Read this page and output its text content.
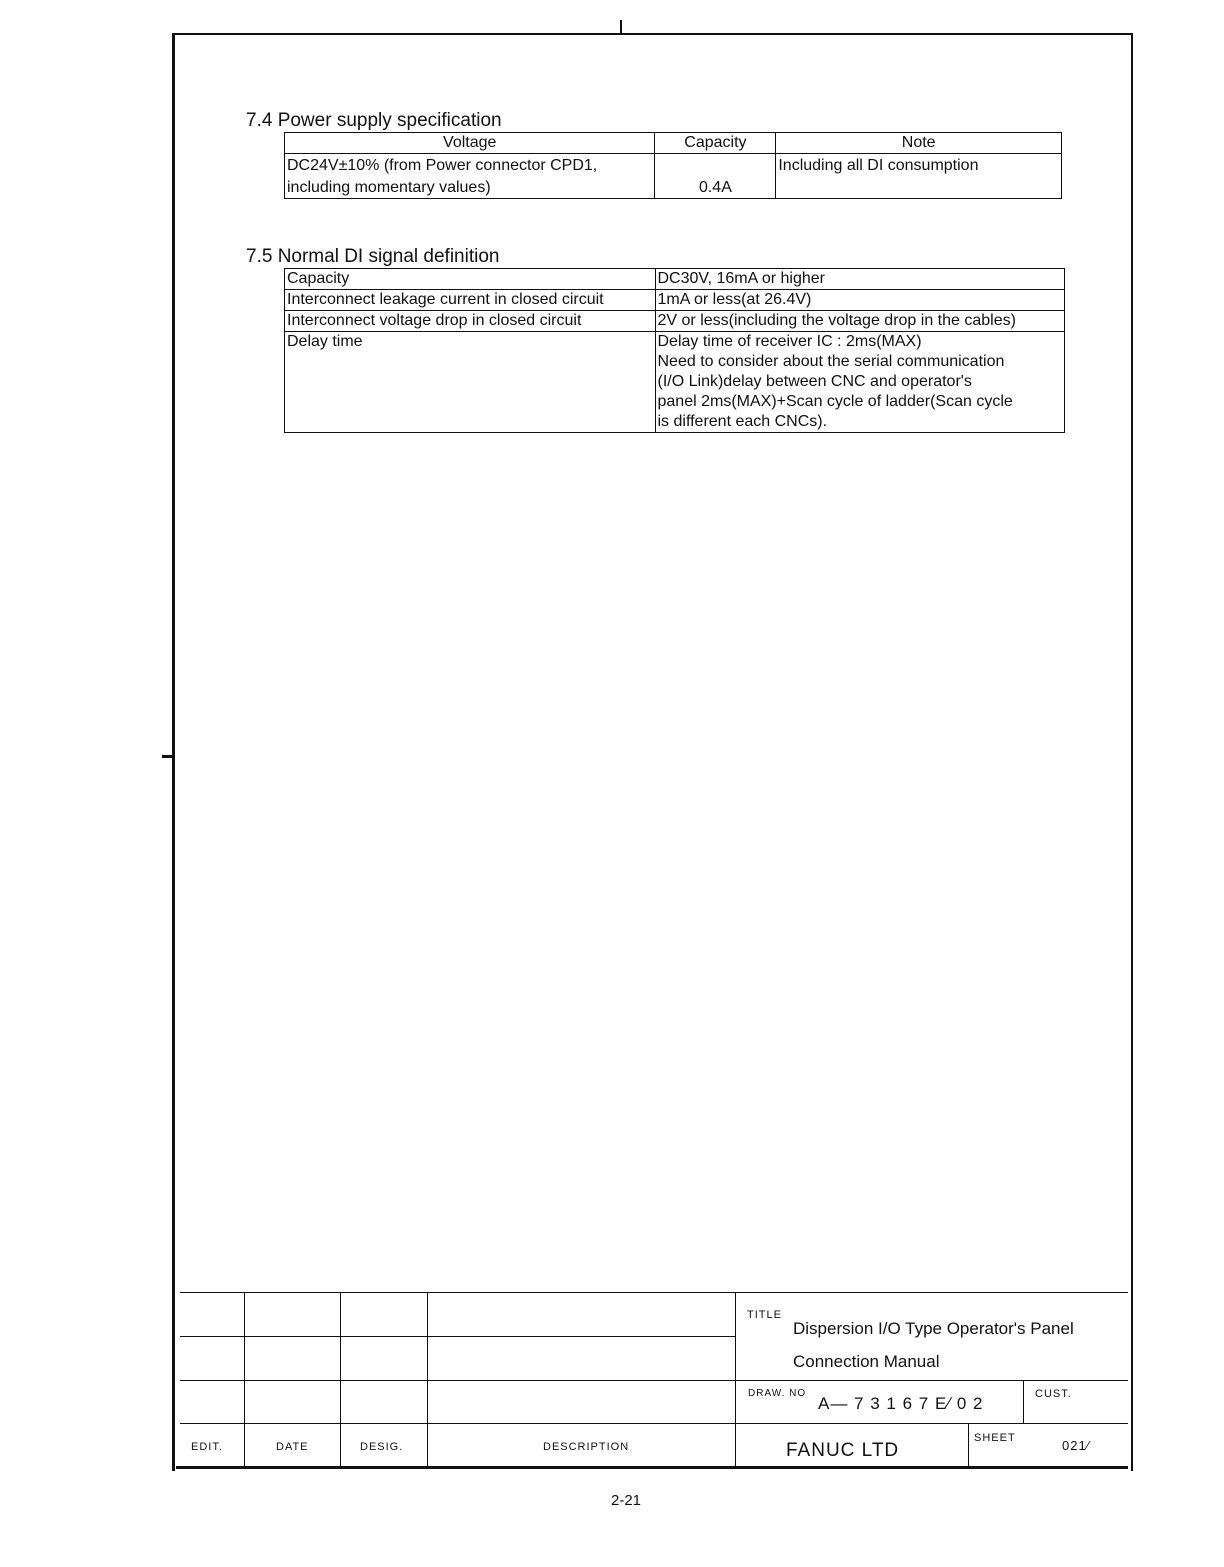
7.4 Power supply specification
Voltage	Capacity	Note

DC24V±10% (from Power connector CPD1,
including momentary values)	0.4A	Including all DI consumption
7.5 Normal DI signal definition
Capacity	DC30V, 16mA or higher
Interconnect leakage current in closed circuit	1mA or less(at 26.4V)
Interconnect voltage drop in closed circuit	2V or less(including the voltage drop in the cables)
Delay time	Delay time of receiver IC : 2ms(MAX)
Need to consider about the serial communication
(I/O Link)delay between CNC and operator's
panel 2ms(MAX)+Scan cycle of ladder(Scan cycle
is different each CNCs).
EDIT.	DATE	DESIG.	DESCRIPTION
TITLE
Dispersion I/O Type Operator's Panel
Connection Manual
DRAW. NO
A— 7 3 1 6 7 E∕ 0 2	CUST.
FANUC LTD
SHEET	021∕
2-21
